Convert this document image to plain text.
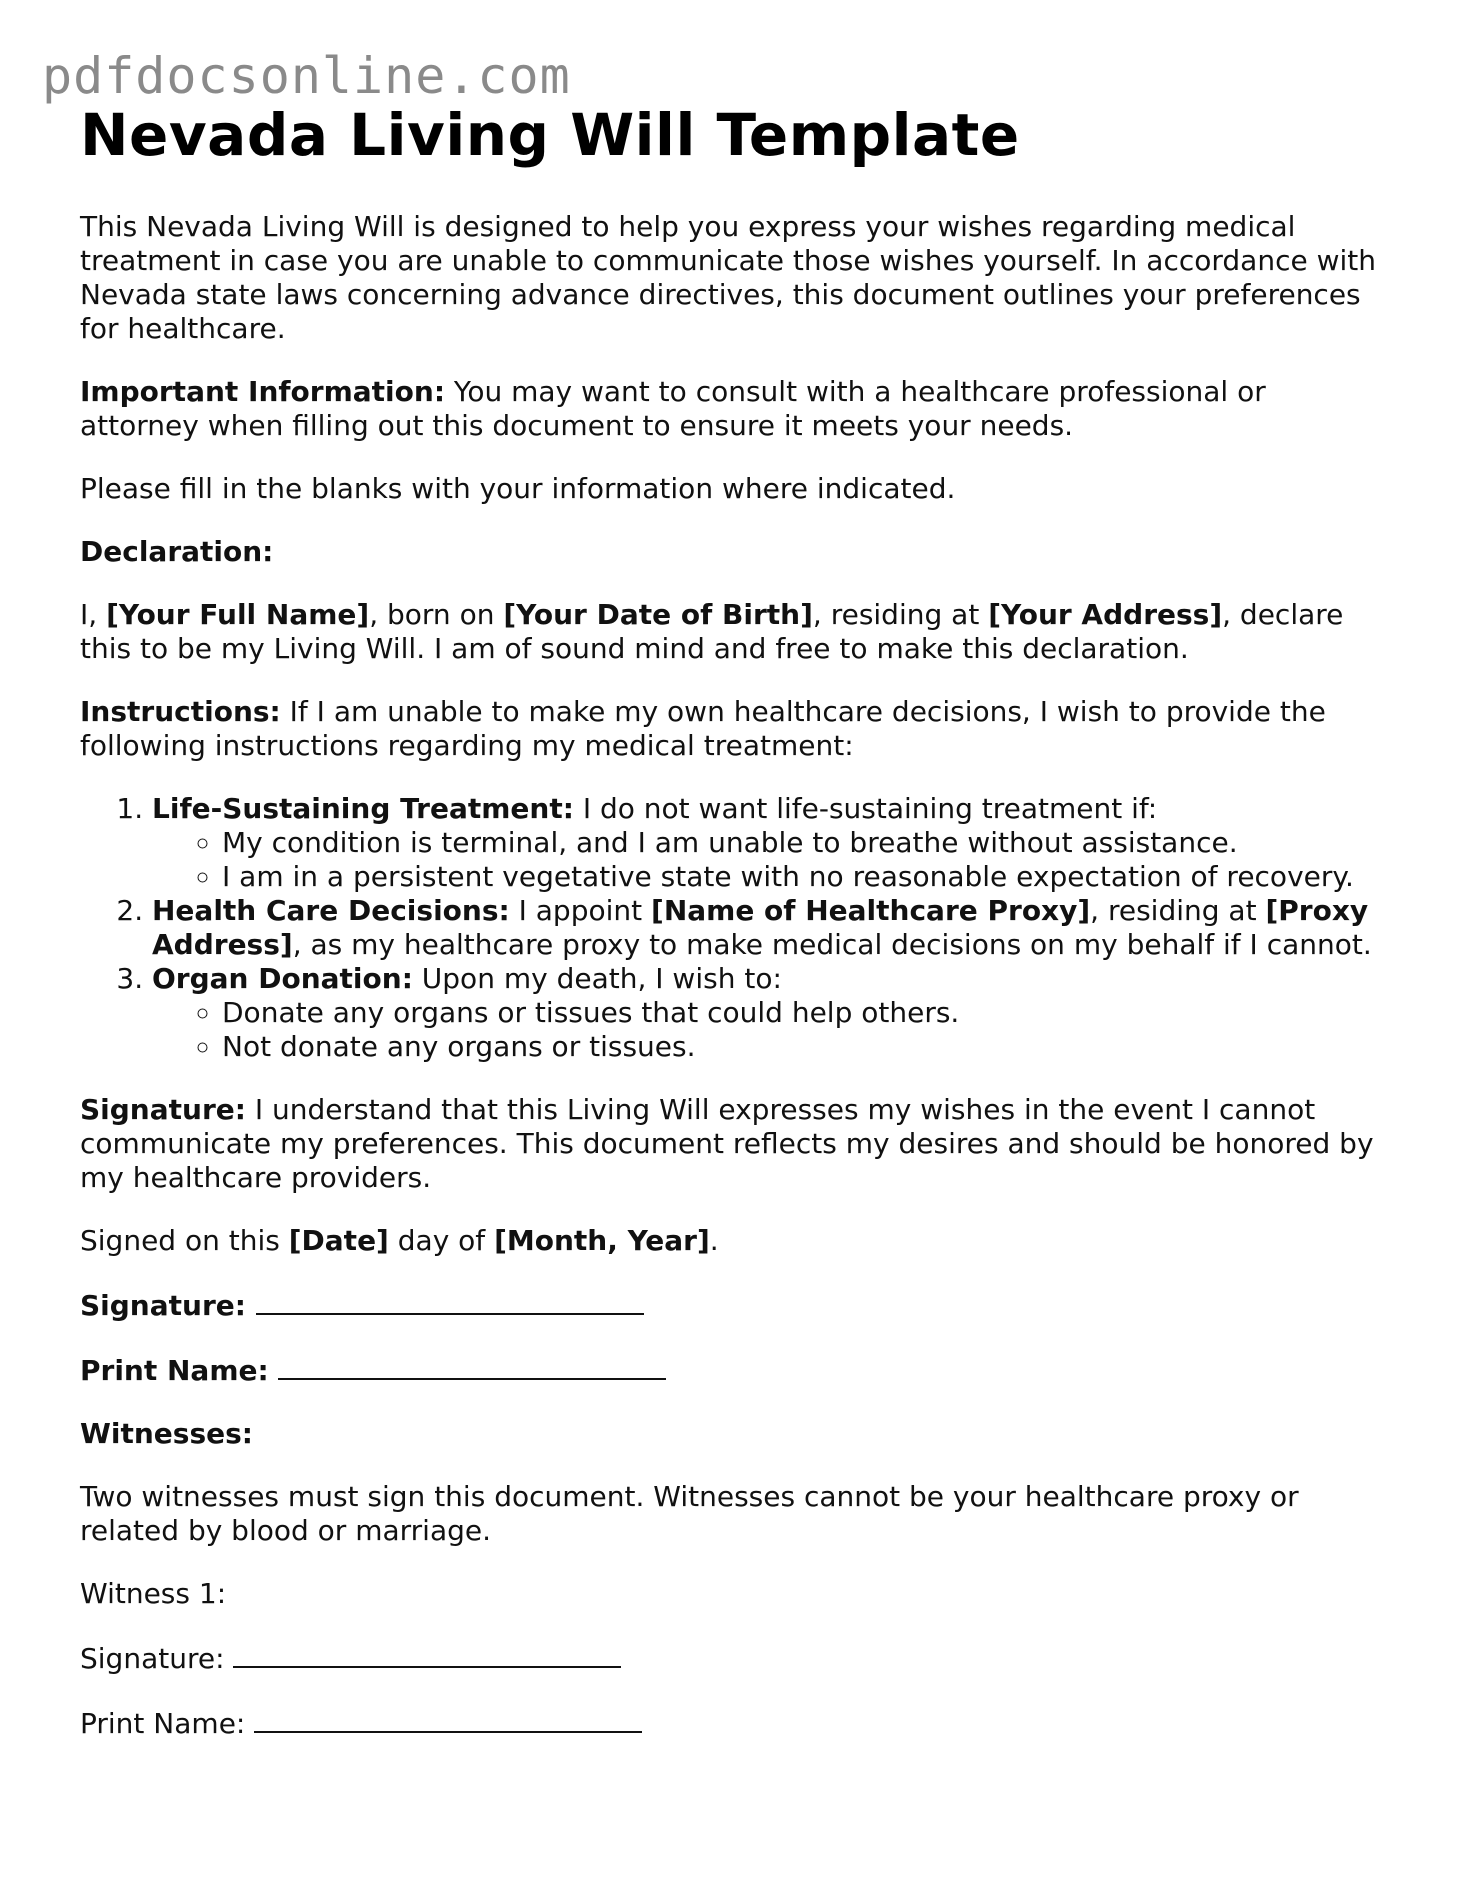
pdfdocsonline.com
Nevada Living Will Template

This Nevada Living Will is designed to help you express your wishes regarding medical treatment in case you are unable to communicate those wishes yourself. In accordance with Nevada state laws concerning advance directives, this document outlines your preferences for healthcare.

Important Information: You may want to consult with a healthcare professional or attorney when filling out this document to ensure it meets your needs.

Please fill in the blanks with your information where indicated.

Declaration:

I, [Your Full Name], born on [Your Date of Birth], residing at [Your Address], declare this to be my Living Will. I am of sound mind and free to make this declaration.

Instructions: If I am unable to make my own healthcare decisions, I wish to provide the following instructions regarding my medical treatment:

1. Life-Sustaining Treatment: I do not want life-sustaining treatment if:
◦ My condition is terminal, and I am unable to breathe without assistance.
◦ I am in a persistent vegetative state with no reasonable expectation of recovery.
2. Health Care Decisions: I appoint [Name of Healthcare Proxy], residing at [Proxy Address], as my healthcare proxy to make medical decisions on my behalf if I cannot.
3. Organ Donation: Upon my death, I wish to:
◦ Donate any organs or tissues that could help others.
◦ Not donate any organs or tissues.

Signature: I understand that this Living Will expresses my wishes in the event I cannot communicate my preferences. This document reflects my desires and should be honored by my healthcare providers.

Signed on this [Date] day of [Month, Year].

Signature:

Print Name:

Witnesses:

Two witnesses must sign this document. Witnesses cannot be your healthcare proxy or related by blood or marriage.

Witness 1:

Signature:

Print Name:
